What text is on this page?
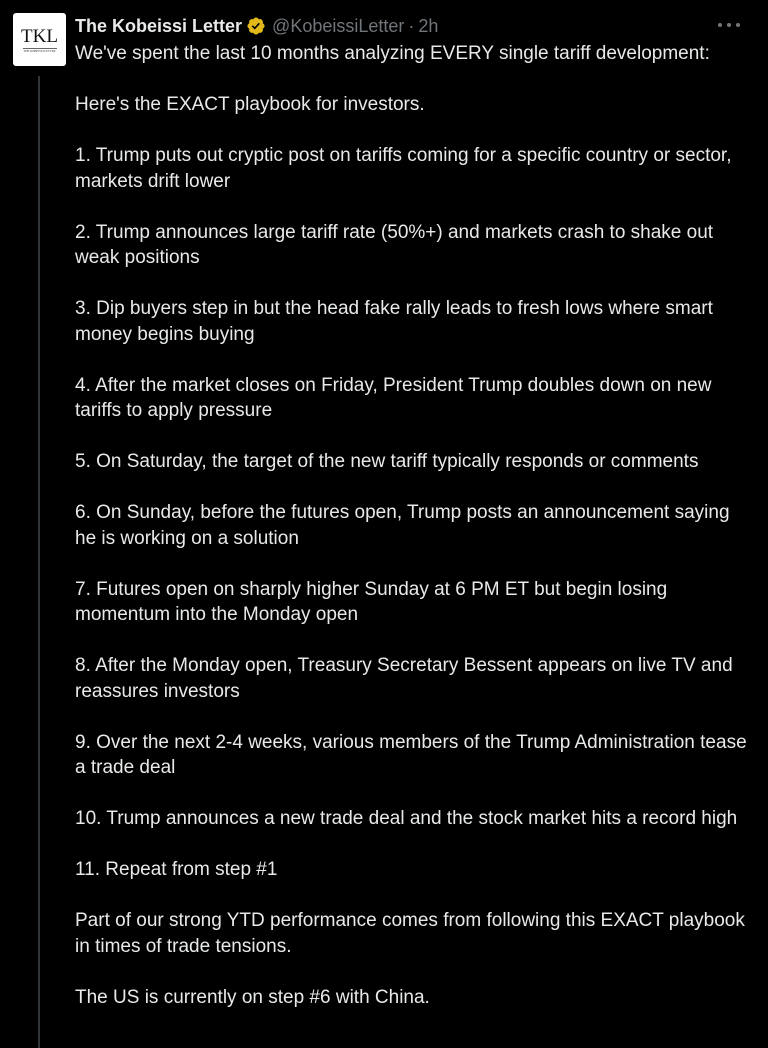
TKL
THE KOBEISSI LETTER
The Kobeissi Letter @KobeissiLetter · 2h

We've spent the last 10 months analyzing EVERY single tariff development:

Here's the EXACT playbook for investors.

1. Trump puts out cryptic post on tariffs coming for a specific country or sector, markets drift lower

2. Trump announces large tariff rate (50%+) and markets crash to shake out weak positions

3. Dip buyers step in but the head fake rally leads to fresh lows where smart money begins buying

4. After the market closes on Friday, President Trump doubles down on new tariffs to apply pressure

5. On Saturday, the target of the new tariff typically responds or comments

6. On Sunday, before the futures open, Trump posts an announcement saying he is working on a solution

7. Futures open on sharply higher Sunday at 6 PM ET but begin losing momentum into the Monday open

8. After the Monday open, Treasury Secretary Bessent appears on live TV and reassures investors

9. Over the next 2-4 weeks, various members of the Trump Administration tease a trade deal

10. Trump announces a new trade deal and the stock market hits a record high

11. Repeat from step #1

Part of our strong YTD performance comes from following this EXACT playbook in times of trade tensions.

The US is currently on step #6 with China.
